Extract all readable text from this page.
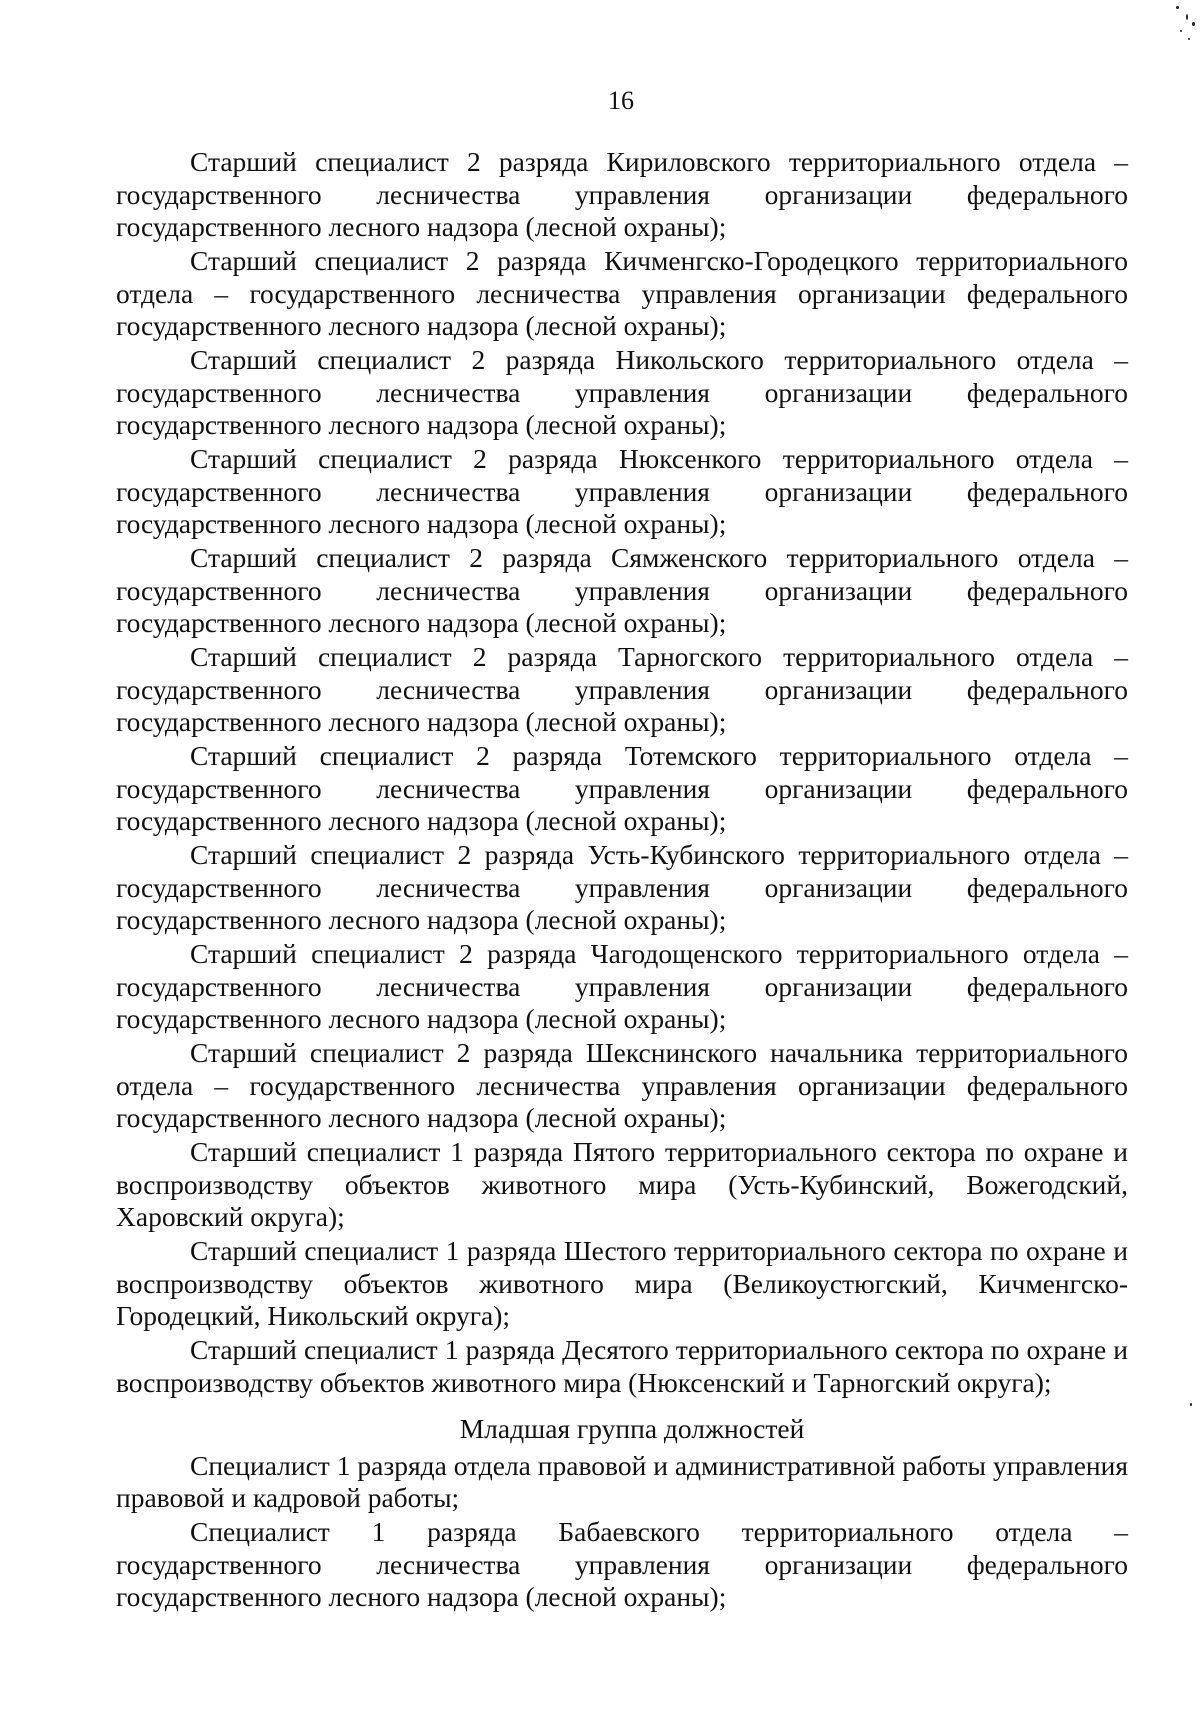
16

Старший специалист 2 разряда Кириловского территориального отдела – государственного лесничества управления организации федерального государственного лесного надзора (лесной охраны);

Старший специалист 2 разряда Кичменгско-Городецкого территориального отдела – государственного лесничества управления организации федерального государственного лесного надзора (лесной охраны);

Старший специалист 2 разряда Никольского территориального отдела – государственного лесничества управления организации федерального государственного лесного надзора (лесной охраны);

Старший специалист 2 разряда Нюксенкого территориального отдела – государственного лесничества управления организации федерального государственного лесного надзора (лесной охраны);

Старший специалист 2 разряда Сямженского территориального отдела – государственного лесничества управления организации федерального государственного лесного надзора (лесной охраны);

Старший специалист 2 разряда Тарногского территориального отдела – государственного лесничества управления организации федерального государственного лесного надзора (лесной охраны);

Старший специалист 2 разряда Тотемского территориального отдела – государственного лесничества управления организации федерального государственного лесного надзора (лесной охраны);

Старший специалист 2 разряда Усть-Кубинского территориального отдела – государственного лесничества управления организации федерального государственного лесного надзора (лесной охраны);

Старший специалист 2 разряда Чагодощенского территориального отдела – государственного лесничества управления организации федерального государственного лесного надзора (лесной охраны);

Старший специалист 2 разряда Шекснинского начальника территориального отдела – государственного лесничества управления организации федерального государственного лесного надзора (лесной охраны);

Старший специалист 1 разряда Пятого территориального сектора по охране и воспроизводству объектов животного мира (Усть-Кубинский, Вожегодский, Харовский округа);

Старший специалист 1 разряда Шестого территориального сектора по охране и воспроизводству объектов животного мира (Великоустюгский, Кичменгско-Городецкий, Никольский округа);

Старший специалист 1 разряда Десятого территориального сектора по охране и воспроизводству объектов животного мира (Нюксенский и Тарногский округа);

Младшая группа должностей

Специалист 1 разряда отдела правовой и административной работы управления правовой и кадровой работы;

Специалист 1 разряда Бабаевского территориального отдела – государственного лесничества управления организации федерального государственного лесного надзора (лесной охраны);
